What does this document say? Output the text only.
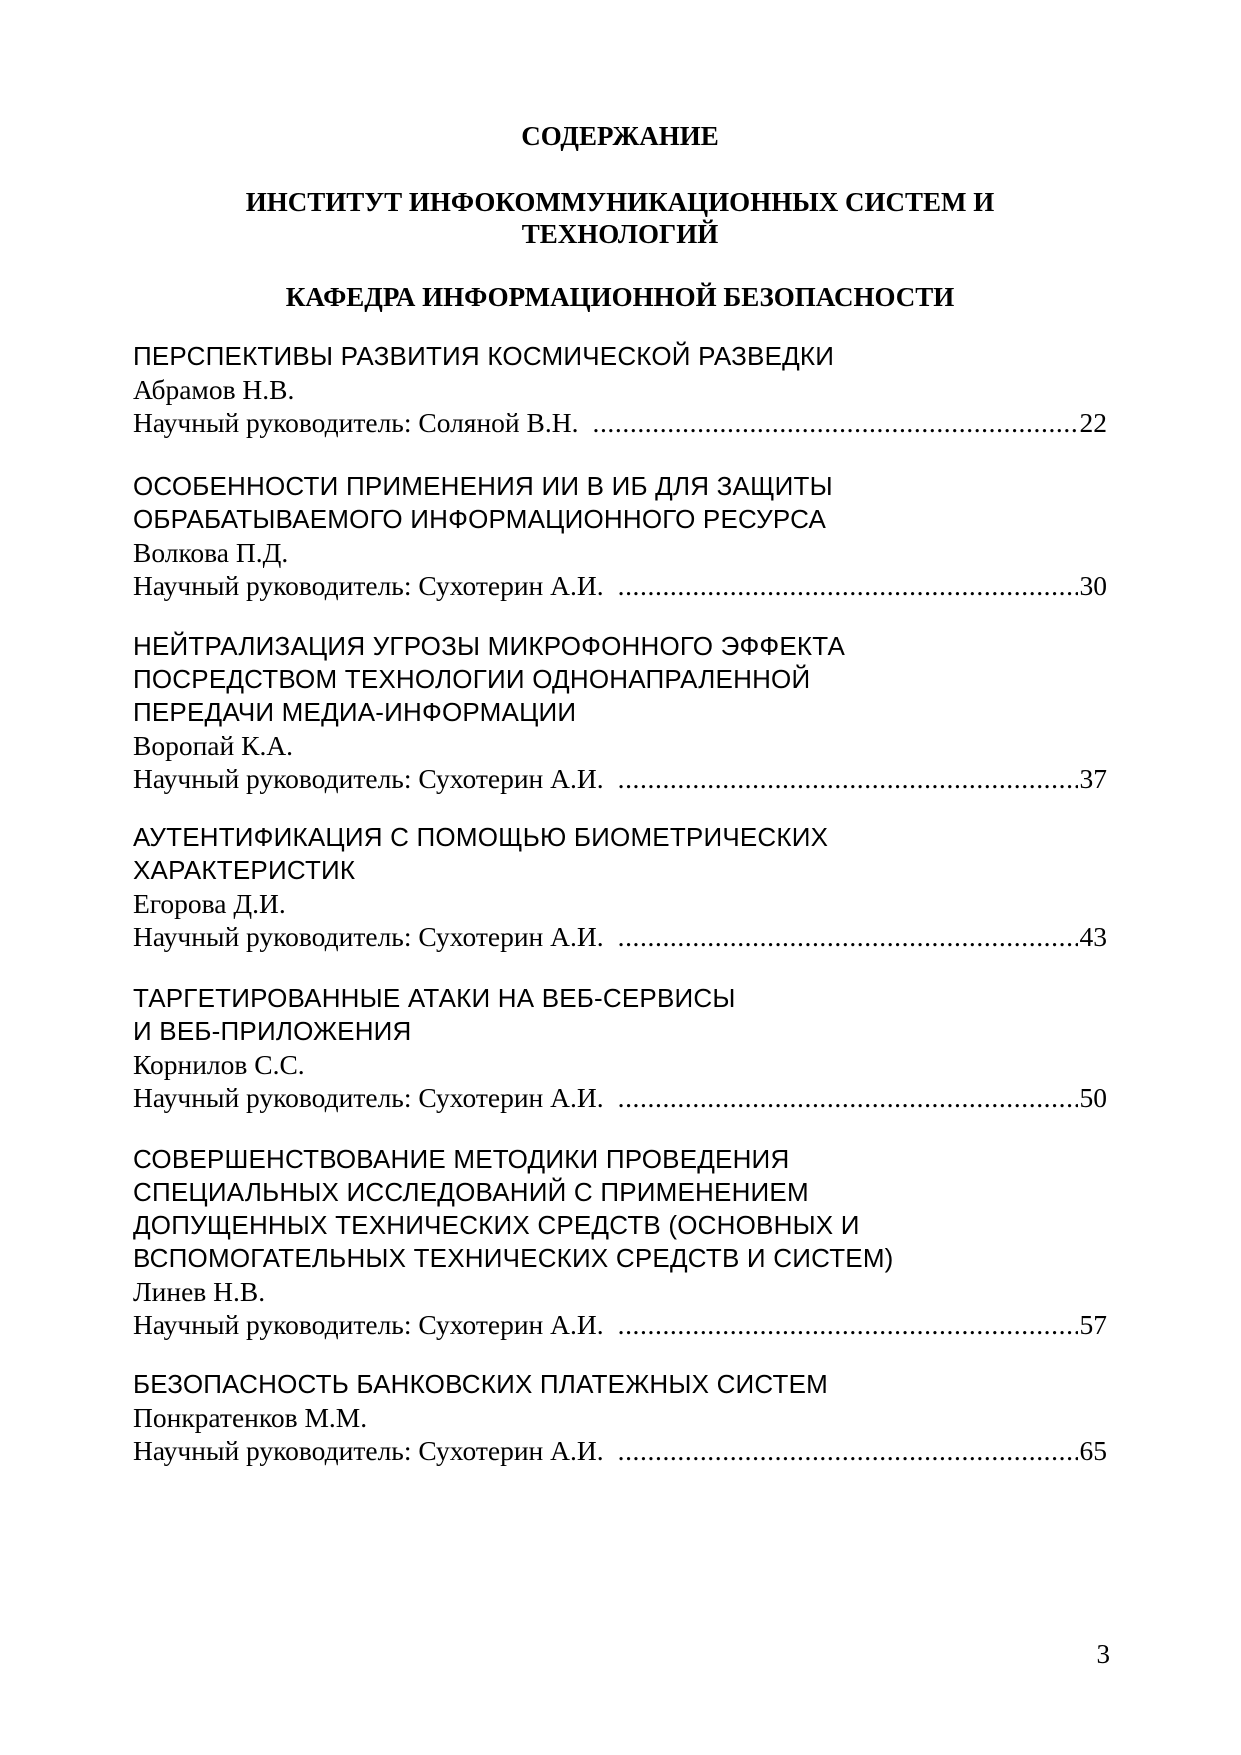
СОДЕРЖАНИЕ
ИНСТИТУТ ИНФОКОММУНИКАЦИОННЫХ СИСТЕМ И
ТЕХНОЛОГИЙ
КАФЕДРА ИНФОРМАЦИОННОЙ БЕЗОПАСНОСТИ
ПЕРСПЕКТИВЫ РАЗВИТИЯ КОСМИЧЕСКОЙ РАЗВЕДКИ
Абрамов Н.В.
Научный руководитель: Соляной В.Н. .....	22
ОСОБЕННОСТИ ПРИМЕНЕНИЯ ИИ В ИБ ДЛЯ ЗАЩИТЫ
ОБРАБАТЫВАЕМОГО ИНФОРМАЦИОННОГО РЕСУРСА
Волкова П.Д.
Научный руководитель: Сухотерин А.И. .....	30
НЕЙТРАЛИЗАЦИЯ УГРОЗЫ МИКРОФОННОГО ЭФФЕКТА
ПОСРЕДСТВОМ ТЕХНОЛОГИИ ОДНОНАПРАЛЕННОЙ
ПЕРЕДАЧИ МЕДИА-ИНФОРМАЦИИ
Воропай К.А.
Научный руководитель: Сухотерин А.И. .....	37
АУТЕНТИФИКАЦИЯ С ПОМОЩЬЮ БИОМЕТРИЧЕСКИХ
ХАРАКТЕРИСТИК
Егорова Д.И.
Научный руководитель: Сухотерин А.И. .....	43
ТАРГЕТИРОВАННЫЕ АТАКИ НА ВЕБ-СЕРВИСЫ
И ВЕБ-ПРИЛОЖЕНИЯ
Корнилов С.С.
Научный руководитель: Сухотерин А.И. .....	50
СОВЕРШЕНСТВОВАНИЕ МЕТОДИКИ ПРОВЕДЕНИЯ
СПЕЦИАЛЬНЫХ ИССЛЕДОВАНИЙ С ПРИМЕНЕНИЕМ
ДОПУЩЕННЫХ ТЕХНИЧЕСКИХ СРЕДСТВ (ОСНОВНЫХ И
ВСПОМОГАТЕЛЬНЫХ ТЕХНИЧЕСКИХ СРЕДСТВ И СИСТЕМ)
Линев Н.В.
Научный руководитель: Сухотерин А.И. .....	57
БЕЗОПАСНОСТЬ БАНКОВСКИХ ПЛАТЕЖНЫХ СИСТЕМ
Понкратенков М.М.
Научный руководитель: Сухотерин А.И. .....	65
3
